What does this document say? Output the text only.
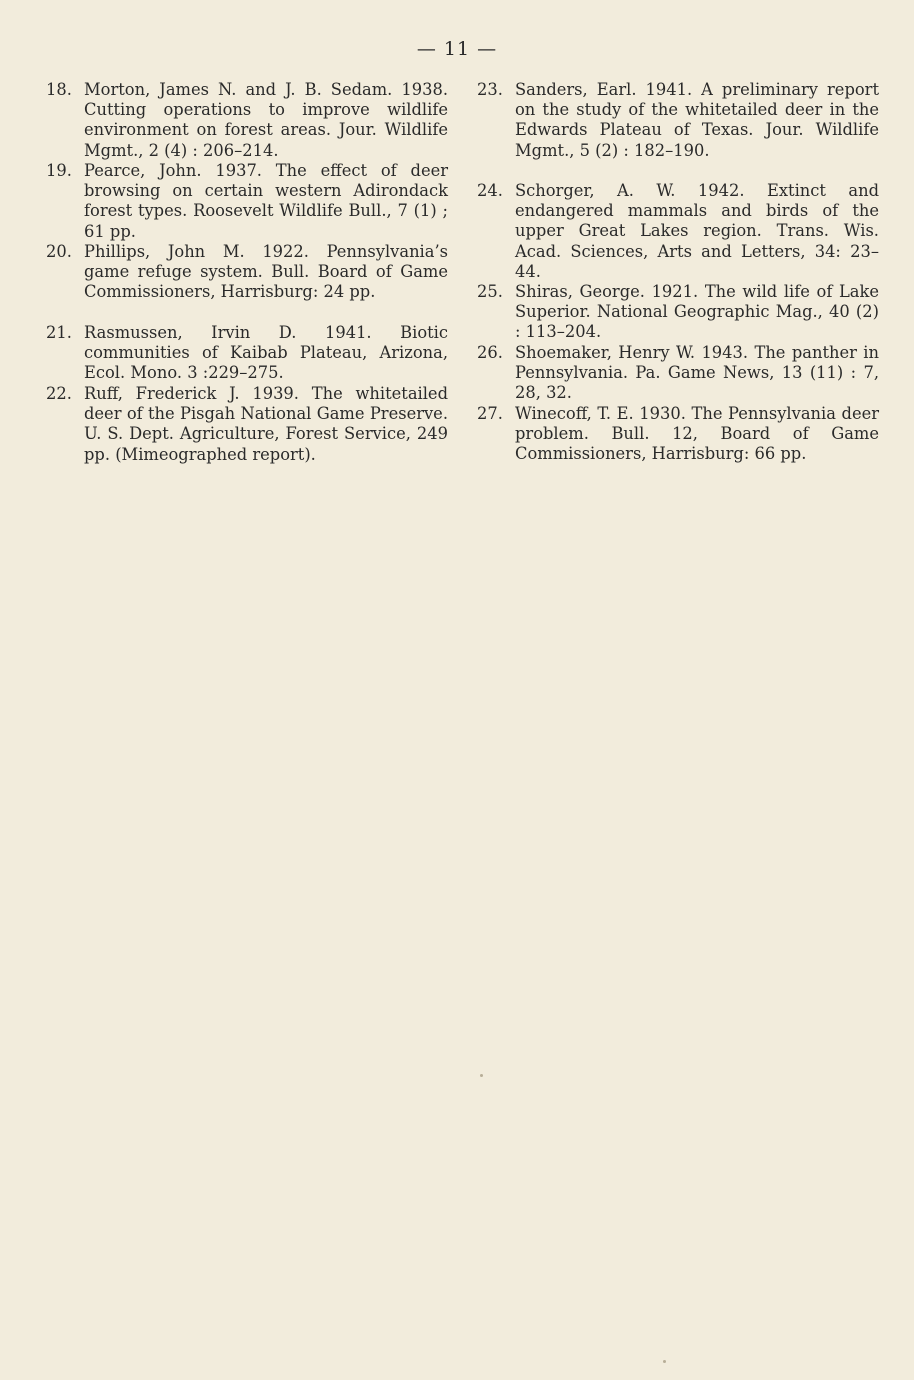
— 11 —

18. Morton, James N. and J. B. Sedam. 1938. Cutting operations to improve wildlife environment on forest areas. Jour. Wildlife Mgmt., 2 (4) : 206–214.

19. Pearce, John. 1937. The effect of deer browsing on certain western Adirondack forest types. Roosevelt Wildlife Bull., 7 (1) ; 61 pp.

20. Phillips, John M. 1922. Pennsylvania’s game refuge system. Bull. Board of Game Commissioners, Harrisburg: 24 pp.

21. Rasmussen, Irvin D. 1941. Biotic communities of Kaibab Plateau, Arizona, Ecol. Mono. 3 :229–275.

22. Ruff, Frederick J. 1939. The whitetailed deer of the Pisgah National Game Preserve. U. S. Dept. Agriculture, Forest Service, 249 pp. (Mimeographed report).

23. Sanders, Earl. 1941. A preliminary report on the study of the whitetailed deer in the Edwards Plateau of Texas. Jour. Wildlife Mgmt., 5 (2) : 182–190.

24. Schorger, A. W. 1942. Extinct and endangered mammals and birds of the upper Great Lakes region. Trans. Wis. Acad. Sciences, Arts and Letters, 34: 23–44.

25. Shiras, George. 1921. The wild life of Lake Superior. National Geographic Mag., 40 (2) : 113–204.

26. Shoemaker, Henry W. 1943. The panther in Pennsylvania. Pa. Game News, 13 (11) : 7, 28, 32.

27. Winecoff, T. E. 1930. The Pennsylvania deer problem. Bull. 12, Board of Game Commissioners, Harrisburg: 66 pp.
